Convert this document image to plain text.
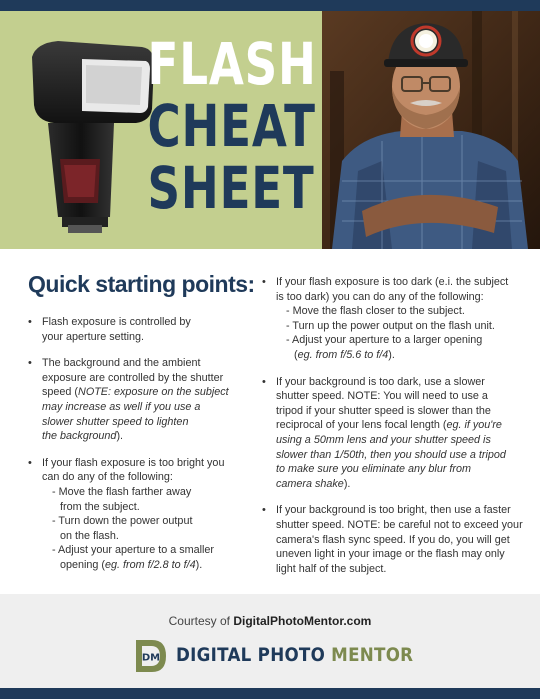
FLASH
CHEAT
SHEET
Quick starting points:
• Flash exposure is controlled by
your aperture setting.
• The background and the ambient
exposure are controlled by the shutter
speed (NOTE: exposure on the subject
may increase as well if you use a
slower shutter speed to lighten
the background).
• If your flash exposure is too bright you
can do any of the following:
- Move the flash farther away
from the subject.
- Turn down the power output
on the flash.
- Adjust your aperture to a smaller
opening (eg. from f/2.8 to f/4).
• If your flash exposure is too dark (e.i. the subject
is too dark) you can do any of the following:
- Move the flash closer to the subject.
- Turn up the power output on the flash unit.
- Adjust your aperture to a larger opening
(eg. from f/5.6 to f/4).
• If your background is too dark, use a slower
shutter speed. NOTE: You will need to use a
tripod if your shutter speed is slower than the
reciprocal of your lens focal length (eg. if you're
using a 50mm lens and your shutter speed is
slower than 1/50th, then you should use a tripod
to make sure you eliminate any blur from
camera shake).
• If your background is too bright, then use a faster
shutter speed. NOTE: be careful not to exceed your
camera's flash sync speed. If you do, you will get
uneven light in your image or the flash may only
light half of the subject.
Courtesy of DigitalPhotoMentor.com
DM DIGITAL PHOTO MENTOR
